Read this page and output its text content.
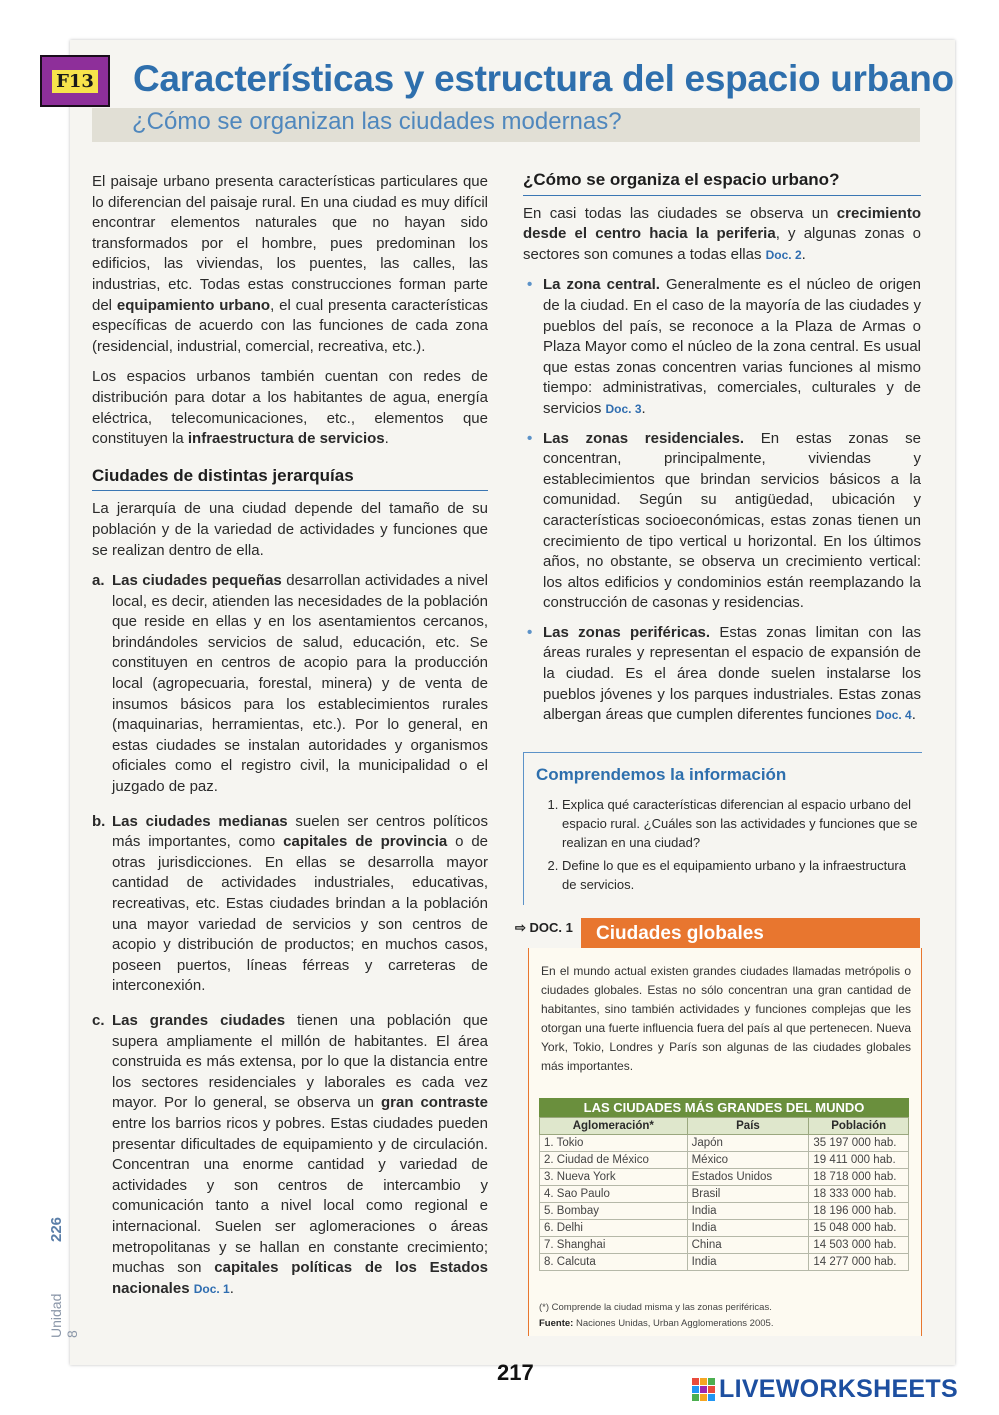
F13 Características y estructura del espacio urbano
¿Cómo se organizan las ciudades modernas?

El paisaje urbano presenta características particulares que lo diferencian del paisaje rural. En una ciudad es muy difícil encontrar elementos naturales que no hayan sido transformados por el hombre, pues predominan los edificios, las viviendas, los puentes, las calles, las industrias, etc. Todas estas construcciones forman parte del equipamiento urbano, el cual presenta características específicas de acuerdo con las funciones de cada zona (residencial, industrial, comercial, recreativa, etc.).

Los espacios urbanos también cuentan con redes de distribución para dotar a los habitantes de agua, energía eléctrica, telecomunicaciones, etc., elementos que constituyen la infraestructura de servicios.

Ciudades de distintas jerarquías

La jerarquía de una ciudad depende del tamaño de su población y de la variedad de actividades y funciones que se realizan dentro de ella.

a. Las ciudades pequeñas desarrollan actividades a nivel local, es decir, atienden las necesidades de la población que reside en ellas y en los asentamientos cercanos, brindándoles servicios de salud, educación, etc. Se constituyen en centros de acopio para la producción local (agropecuaria, forestal, minera) y de venta de insumos básicos para los establecimientos rurales (maquinarias, herramientas, etc.). Por lo general, en estas ciudades se instalan autoridades y organismos oficiales como el registro civil, la municipalidad o el juzgado de paz.
b. Las ciudades medianas suelen ser centros políticos más importantes, como capitales de provincia o de otras jurisdicciones. En ellas se desarrolla mayor cantidad de actividades industriales, educativas, recreativas, etc. Estas ciudades brindan a la población una mayor variedad de servicios y son centros de acopio y distribución de productos; en muchos casos, poseen puertos, líneas férreas y carreteras de interconexión.
c. Las grandes ciudades tienen una población que supera ampliamente el millón de habitantes. El área construida es más extensa, por lo que la distancia entre los sectores residenciales y laborales es cada vez mayor. Por lo general, se observa un gran contraste entre los barrios ricos y pobres. Estas ciudades pueden presentar dificultades de equipamiento y de circulación. Concentran una enorme cantidad y variedad de actividades y son centros de intercambio y comunicación tanto a nivel local como regional e internacional. Suelen ser aglomeraciones o áreas metropolitanas y se hallan en constante crecimiento; muchas son capitales políticas de los Estados nacionales Doc. 1.
¿Cómo se organiza el espacio urbano?

En casi todas las ciudades se observa un crecimiento desde el centro hacia la periferia, y algunas zonas o sectores son comunes a todas ellas Doc. 2.

• La zona central. Generalmente es el núcleo de origen de la ciudad. En el caso de la mayoría de las ciudades y pueblos del país, se reconoce a la Plaza de Armas o Plaza Mayor como el núcleo de la zona central. Es usual que estas zonas concentren varias funciones al mismo tiempo: administrativas, comerciales, culturales y de servicios Doc. 3.
• Las zonas residenciales. En estas zonas se concentran, principalmente, viviendas y establecimientos que brindan servicios básicos a la comunidad. Según su antigüedad, ubicación y características socioeconómicas, estas zonas tienen un crecimiento de tipo vertical u horizontal. En los últimos años, no obstante, se observa un crecimiento vertical: los altos edificios y condominios están reemplazando la construcción de casonas y residencias.
• Las zonas periféricas. Estas zonas limitan con las áreas rurales y representan el espacio de expansión de la ciudad. Es el área donde suelen instalarse los pueblos jóvenes y los parques industriales. Estas zonas albergan áreas que cumplen diferentes funciones Doc. 4.
Comprendemos la información
1. Explica qué características diferencian al espacio urbano del espacio rural. ¿Cuáles son las actividades y funciones que se realizan en una ciudad?
2. Define lo que es el equipamiento urbano y la infraestructura de servicios.
⇨ DOC. 1 Ciudades globales

En el mundo actual existen grandes ciudades llamadas metrópolis o ciudades globales. Estas no sólo concentran una gran cantidad de habitantes, sino también actividades y funciones complejas que les otorgan una fuerte influencia fuera del país al que pertenecen. Nueva York, Tokio, Londres y París son algunas de las ciudades globales más importantes.

LAS CIUDADES MÁS GRANDES DEL MUNDO
Aglomeración*	País	Población
1. Tokio	Japón	35 197 000 hab.
2. Ciudad de México	México	19 411 000 hab.
3. Nueva York	Estados Unidos	18 718 000 hab.
4. Sao Paulo	Brasil	18 333 000 hab.
5. Bombay	India	18 196 000 hab.
6. Delhi	India	15 048 000 hab.
7. Shanghai	China	14 503 000 hab.
8. Calcuta	India	14 277 000 hab.
(*) Comprende la ciudad misma y las zonas periféricas.
Fuente: Naciones Unidas, Urban Agglomerations 2005.
226
Unidad 8
217
LIVEWORKSHEETS
